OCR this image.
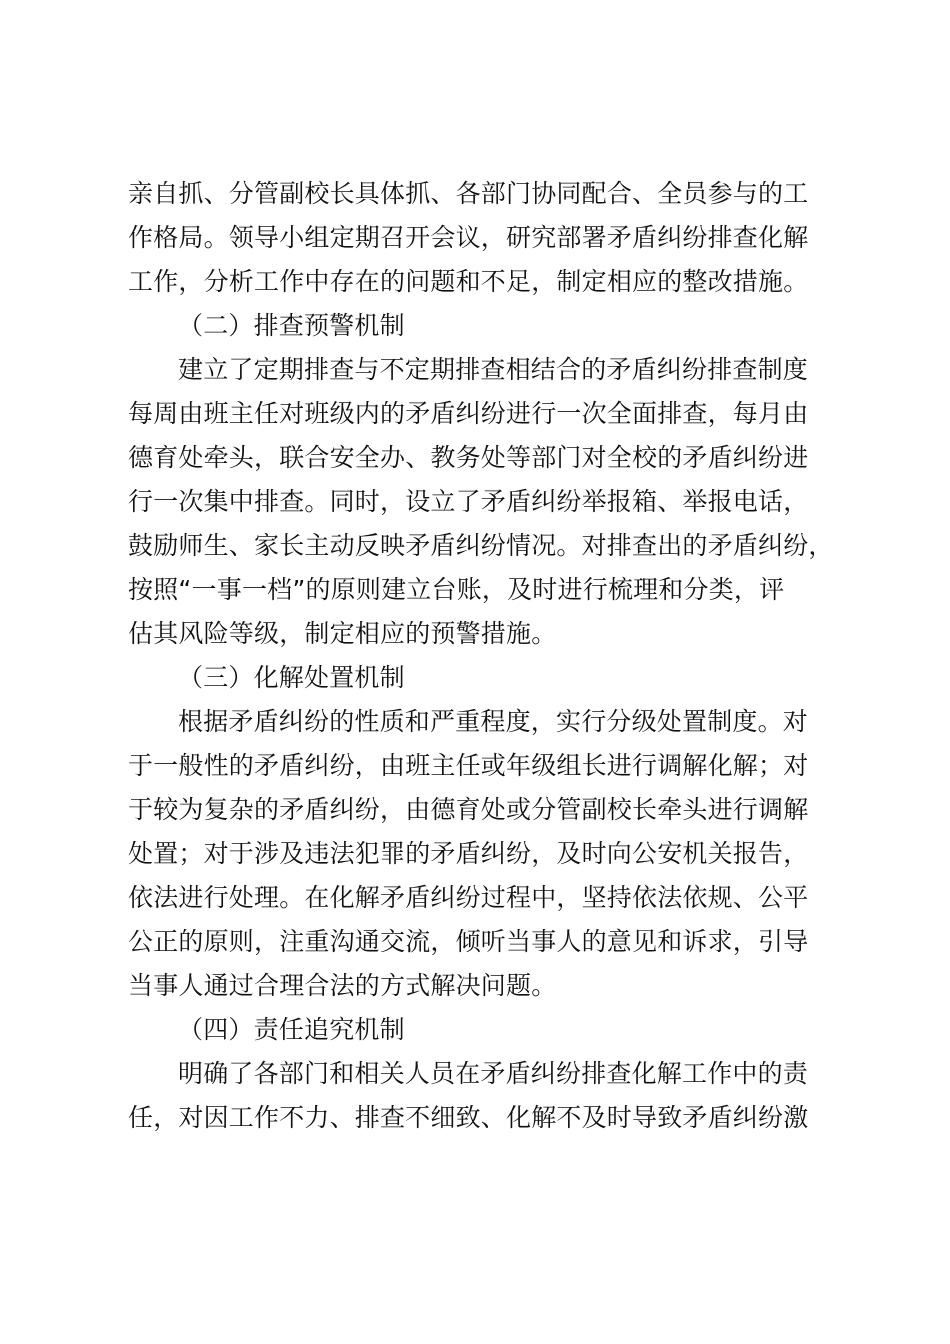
亲自抓、分管副校长具体抓、各部门协同配合、全员参与的工
作格局。领导小组定期召开会议，研究部署矛盾纠纷排查化解
工作，分析工作中存在的问题和不足，制定相应的整改措施。
（二）排查预警机制
建立了定期排查与不定期排查相结合的矛盾纠纷排查制度
每周由班主任对班级内的矛盾纠纷进行一次全面排查，每月由
德育处牵头，联合安全办、教务处等部门对全校的矛盾纠纷进
行一次集中排查。同时，设立了矛盾纠纷举报箱、举报电话，
鼓励师生、家长主动反映矛盾纠纷情况。对排查出的矛盾纠纷，
按照“一事一档”的原则建立台账，及时进行梳理和分类，评
估其风险等级，制定相应的预警措施。
（三）化解处置机制
根据矛盾纠纷的性质和严重程度，实行分级处置制度。对
于一般性的矛盾纠纷，由班主任或年级组长进行调解化解；对
于较为复杂的矛盾纠纷，由德育处或分管副校长牵头进行调解
处置；对于涉及违法犯罪的矛盾纠纷，及时向公安机关报告，
依法进行处理。在化解矛盾纠纷过程中，坚持依法依规、公平
公正的原则，注重沟通交流，倾听当事人的意见和诉求，引导
当事人通过合理合法的方式解决问题。
（四）责任追究机制
明确了各部门和相关人员在矛盾纠纷排查化解工作中的责
任，对因工作不力、排查不细致、化解不及时导致矛盾纠纷激
